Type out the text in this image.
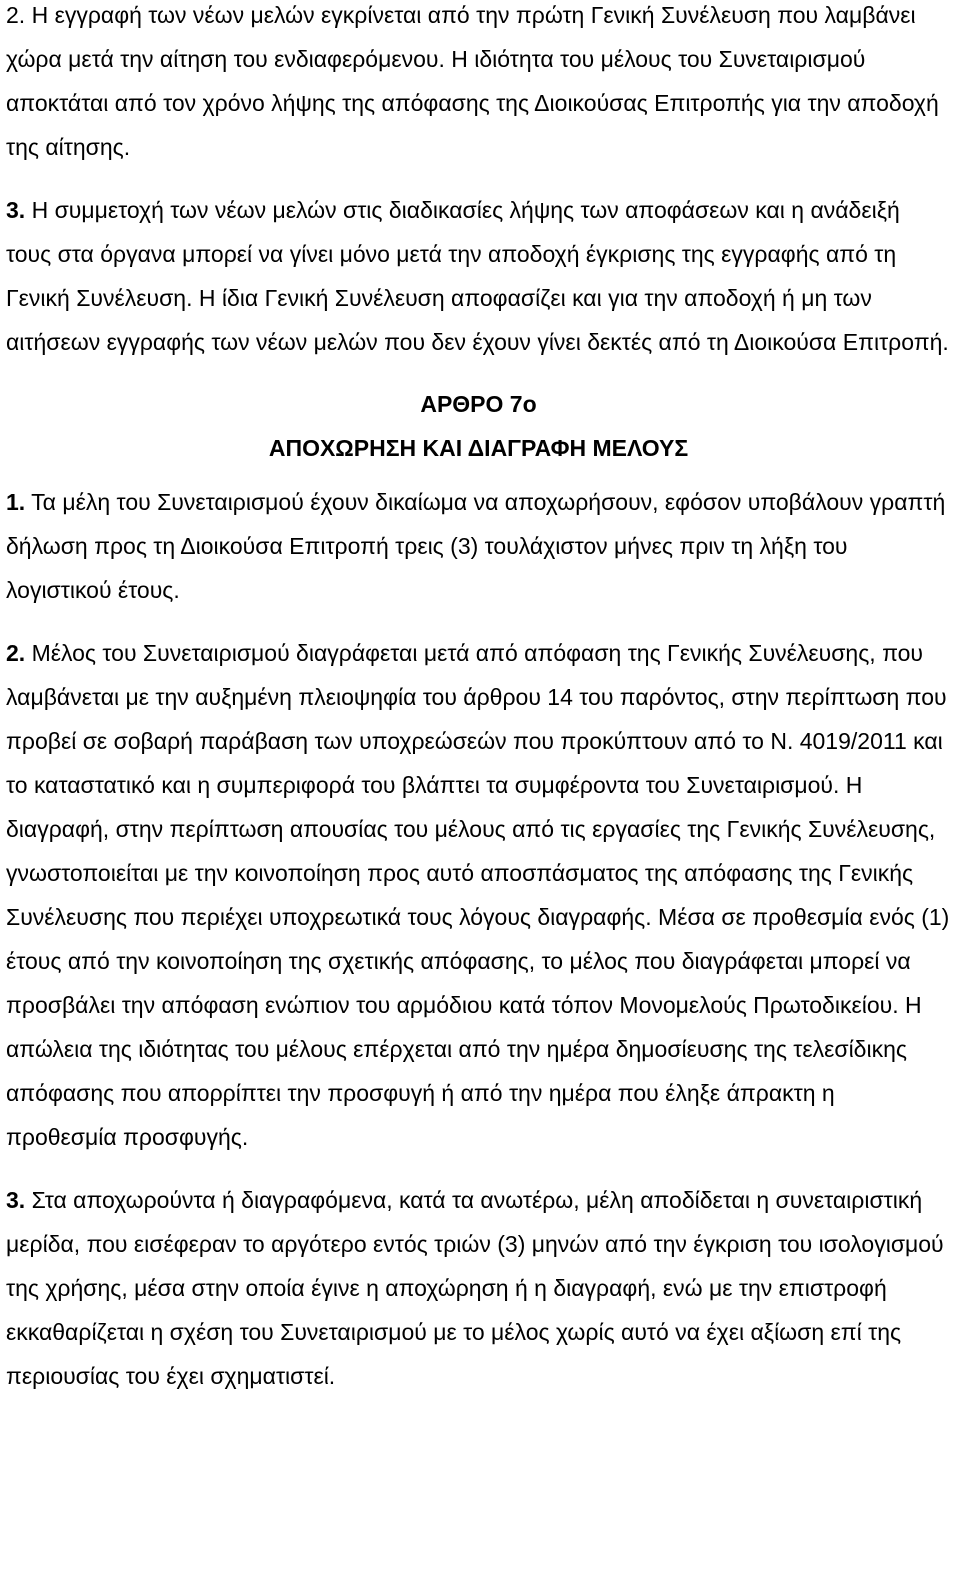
2. Η εγγραφή των νέων μελών εγκρίνεται από την πρώτη Γενική Συνέλευση που λαμβάνει χώρα μετά την αίτηση του ενδιαφερόμενου. Η ιδιότητα του μέλους του Συνεταιρισμού αποκτάται από τον χρόνο λήψης της απόφασης της Διοικούσας Επιτροπής για την αποδοχή της αίτησης.

3. Η συμμετοχή των νέων μελών στις διαδικασίες λήψης των αποφάσεων και η ανάδειξή τους στα όργανα μπορεί να γίνει μόνο μετά την αποδοχή έγκρισης της εγγραφής από τη Γενική Συνέλευση. Η ίδια Γενική Συνέλευση αποφασίζει και για την αποδοχή ή μη των αιτήσεων εγγραφής των νέων μελών που δεν έχουν γίνει δεκτές από τη Διοικούσα Επιτροπή.

ΑΡΘΡΟ 7ο

ΑΠΟΧΩΡΗΣΗ ΚΑΙ ΔΙΑΓΡΑΦΗ ΜΕΛΟΥΣ

1. Τα μέλη του Συνεταιρισμού έχουν δικαίωμα να αποχωρήσουν, εφόσον υποβάλουν γραπτή δήλωση προς τη Διοικούσα Επιτροπή τρεις (3) τουλάχιστον μήνες πριν τη λήξη του λογιστικού έτους.

2. Μέλος του Συνεταιρισμού διαγράφεται μετά από απόφαση της Γενικής Συνέλευσης, που λαμβάνεται με την αυξημένη πλειοψηφία του άρθρου 14 του παρόντος, στην περίπτωση που προβεί σε σοβαρή παράβαση των υποχρεώσεών που προκύπτουν από το Ν. 4019/2011 και το καταστατικό και η συμπεριφορά του βλάπτει τα συμφέροντα του Συνεταιρισμού. Η διαγραφή, στην περίπτωση απουσίας του μέλους από τις εργασίες της Γενικής Συνέλευσης, γνωστοποιείται με την κοινοποίηση προς αυτό αποσπάσματος της απόφασης της Γενικής Συνέλευσης που περιέχει υποχρεωτικά τους λόγους διαγραφής. Μέσα σε προθεσμία ενός (1) έτους από την κοινοποίηση της σχετικής απόφασης, το μέλος που διαγράφεται μπορεί να προσβάλει την απόφαση ενώπιον του αρμόδιου κατά τόπον Μονομελούς Πρωτοδικείου. Η απώλεια της ιδιότητας του μέλους επέρχεται από την ημέρα δημοσίευσης της τελεσίδικης απόφασης που απορρίπτει την προσφυγή ή από την ημέρα που έληξε άπρακτη η προθεσμία προσφυγής.

3. Στα αποχωρούντα ή διαγραφόμενα, κατά τα ανωτέρω, μέλη αποδίδεται η συνεταιριστική μερίδα, που εισέφεραν το αργότερο εντός τριών (3) μηνών από την έγκριση του ισολογισμού της χρήσης, μέσα στην οποία έγινε η αποχώρηση ή η διαγραφή, ενώ με την επιστροφή εκκαθαρίζεται η σχέση του Συνεταιρισμού με το μέλος χωρίς αυτό να έχει αξίωση επί της περιουσίας του έχει σχηματιστεί.
